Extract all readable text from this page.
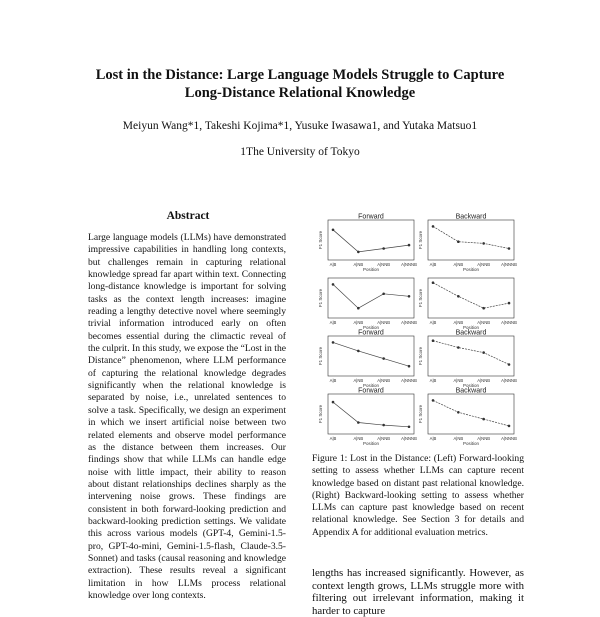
Lost in the Distance: Large Language Models Struggle to Capture
Long-Distance Relational Knowledge
Meiyun Wang*1, Takeshi Kojima*1, Yusuke Iwasawa1, and Yutaka Matsuo1
1The University of Tokyo
Abstract
Large language models (LLMs) have demonstrated impressive capabilities in handling long contexts, but challenges remain in capturing relational knowledge spread far apart within text. Connecting long-distance knowledge is important for solving tasks as the context length increases: imagine reading a lengthy detective novel where seemingly trivial information introduced early on often becomes essential during the climactic reveal of the culprit. In this study, we expose the “Lost in the Distance” phenomenon, where LLM performance of capturing the relational knowledge degrades significantly when the relational knowledge is separated by noise, i.e., unrelated sentences to solve a task. Specifically, we design an experiment in which we insert artificial noise between two related elements and observe model performance as the distance between them increases. Our findings show that while LLMs can handle edge noise with little impact, their ability to reason about distant relationships declines sharply as the intervening noise grows. These findings are consistent in both forward-looking prediction and backward-looking prediction settings. We validate this across various models (GPT-4, Gemini-1.5-pro, GPT-4o-mini, Gemini-1.5-flash, Claude-3.5-Sonnet) and tasks (causal reasoning and knowledge extraction). These results reveal a significant limitation in how LLMs process relational knowledge over long contexts.
Forward
F1 Score
A|B	A|NB	A|NNB	A|NNNB
Position
Backward
F1 Score
A|B	A|NB	A|NNB	A|NNNB
Position
F1 Score
A|B	A|NB	A|NNB	A|NNNB
Position
F1 Score
A|B	A|NB	A|NNB	A|NNNB
Position
Forward
F1 Score
A|B	A|NB	A|NNB	A|NNNB
Position
Backward
F1 Score
A|B	A|NB	A|NNB	A|NNNB
Position
Forward
F1 Score
A|B	A|NB	A|NNB	A|NNNB
Position
Backward
F1 Score
A|B	A|NB	A|NNB	A|NNNB
Position
Figure 1: Lost in the Distance: (Left) Forward-looking setting to assess whether LLMs can capture recent knowledge based on distant past relational knowledge. (Right) Backward-looking setting to assess whether LLMs can capture past knowledge based on recent relational knowledge. See Section 3 for details and Appendix A for additional evaluation metrics.
lengths has increased significantly. However, as context length grows, LLMs struggle more with filtering out irrelevant information, making it harder to capture
